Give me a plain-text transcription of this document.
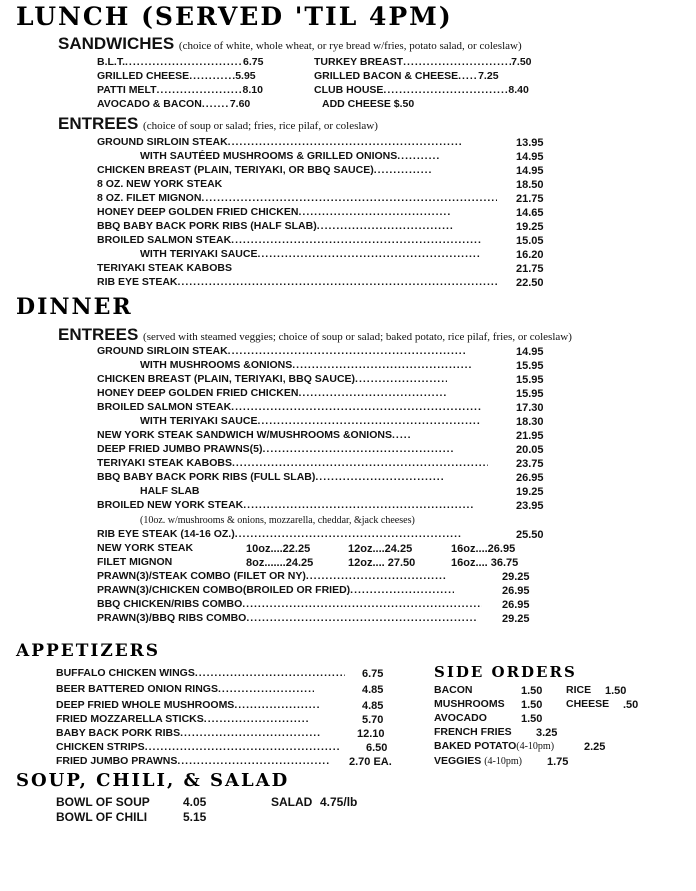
LUNCH (SERVED 'TIL 4PM)
SANDWICHES (choice of white, whole wheat, or rye bread w/fries, potato salad, or coleslaw)
B.L.T. .....	6.75
GRILLED CHEESE .....	5.95
PATTI MELT .....	8.10
AVOCADO & BACON .....	7.60
TURKEY BREAST .....	7.50
GRILLED BACON & CHEESE ..... 7.25
CLUB HOUSE .....	8.40
ADD CHEESE $.50
ENTREES (choice of soup or salad; fries, rice pilaf, or coleslaw)
GROUND SIRLOIN STEAK .....	13.95
WITH SAUTÉED MUSHROOMS & GRILLED ONIONS .....	14.95
CHICKEN BREAST (PLAIN, TERIYAKI, OR BBQ SAUCE) .....	14.95
8 OZ. NEW YORK STEAK	18.50
8 OZ. FILET MIGNON .....	21.75
HONEY DEEP GOLDEN FRIED CHICKEN .....	14.65
BBQ BABY BACK PORK RIBS (HALF SLAB) .....	19.25
BROILED SALMON STEAK .....	15.05
WITH TERIYAKI SAUCE .....	16.20
TERIYAKI STEAK KABOBS	21.75
RIB EYE STEAK .....	22.50
DINNER
ENTREES (served with steamed veggies; choice of soup or salad; baked potato, rice pilaf, fries, or coleslaw)
GROUND SIRLOIN STEAK .....	14.95
WITH MUSHROOMS &ONIONS .....	15.95
CHICKEN BREAST (PLAIN, TERIYAKI, BBQ SAUCE) .....	15.95
HONEY DEEP GOLDEN FRIED CHICKEN .....	15.95
BROILED SALMON STEAK .....	17.30
WITH TERIYAKI SAUCE .....	18.30
NEW YORK STEAK SANDWICH W/MUSHROOMS &ONIONS .....	21.95
DEEP FRIED JUMBO PRAWNS(5) .....	20.05
TERIYAKI STEAK KABOBS .....	23.75
BBQ BABY BACK PORK RIBS (FULL SLAB) .....	26.95
HALF SLAB	19.25
BROILED NEW YORK STEAK .....	23.95
(10oz. w/mushrooms & onions, mozzarella, cheddar, &jack cheeses)
RIB EYE STEAK (14-16 OZ.) .....	25.50
NEW YORK STEAK	10oz....22.25	12oz....24.25	16oz....26.95
FILET MIGNON	8oz.......24.25	12oz.... 27.50	16oz.... 36.75
PRAWN(3)/STEAK COMBO (FILET OR NY) .....	29.25
PRAWN(3)/CHICKEN COMBO(BROILED OR FRIED) .....	26.95
BBQ CHICKEN/RIBS COMBO .....	26.95
PRAWN(3)/BBQ RIBS COMBO .....	29.25
APPETIZERS
BUFFALO CHICKEN WINGS .....	6.75
BEER BATTERED ONION RINGS .....	4.85
DEEP FRIED WHOLE MUSHROOMS .....	4.85
FRIED MOZZARELLA STICKS .....	5.70
BABY BACK PORK RIBS .....	12.10
CHICKEN STRIPS .....	6.50
FRIED JUMBO PRAWNS .....	2.70 EA.
SIDE ORDERS
BACON	1.50 RICE 1.50
MUSHROOMS 1.50 CHEESE .50
AVOCADO	1.50
FRENCH FRIES 3.25
BAKED POTATO(4-10pm)	2.25
VEGGIES (4-10pm) 1.75
SOUP, CHILI, & SALAD
BOWL OF SOUP	4.05	SALAD 4.75/lb
BOWL OF CHILI	5.15
